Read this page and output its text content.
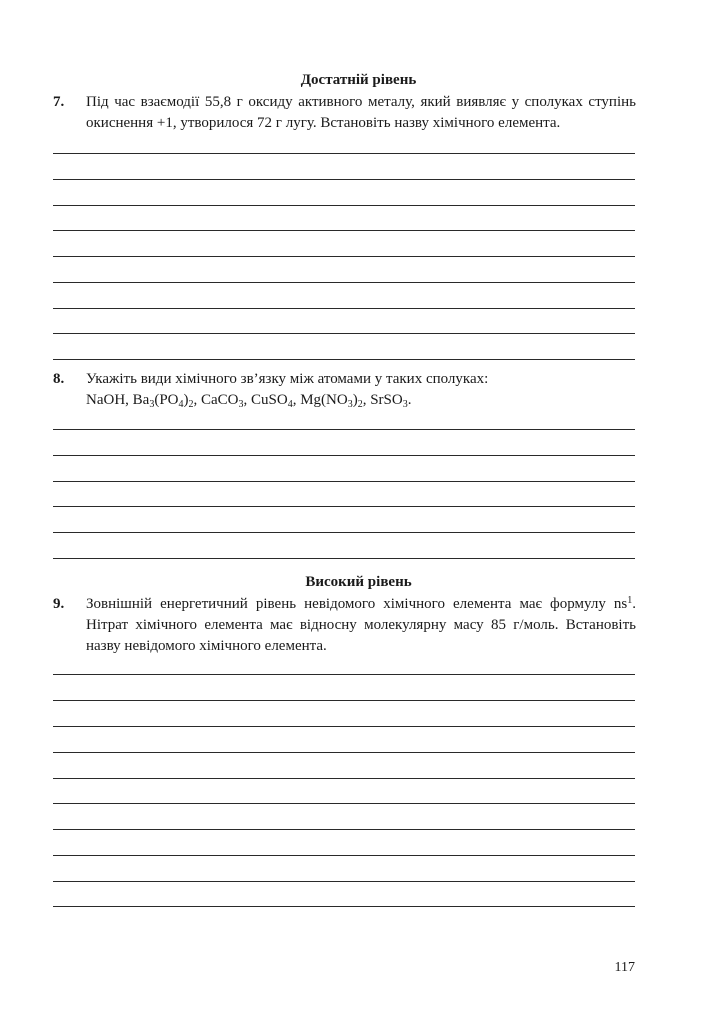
Достатній рівень
7. Під час взаємодії 55,8 г оксиду активного металу, який виявляє у сполуках ступінь
окиснення +1, утворилося 72 г лугу. Встановіть назву хімічного елемента.
8. Укажіть види хімічного зв’язку між атомами у таких сполуках:
NaOH, $Ba_3(PO_4)_2$, CaCO$_3$, CuSO$_4$, $Mg(NO_3)_2$, SrSO$_3$.
Високий рівень
9. Зовнішній енергетичний рівень невідомого хімічного елемента має формулу $ns^1$.
Нітрат хімічного елемента має відносну молекулярну масу 85 г/моль. Встановіть
назву невідомого хімічного елемента.
117
